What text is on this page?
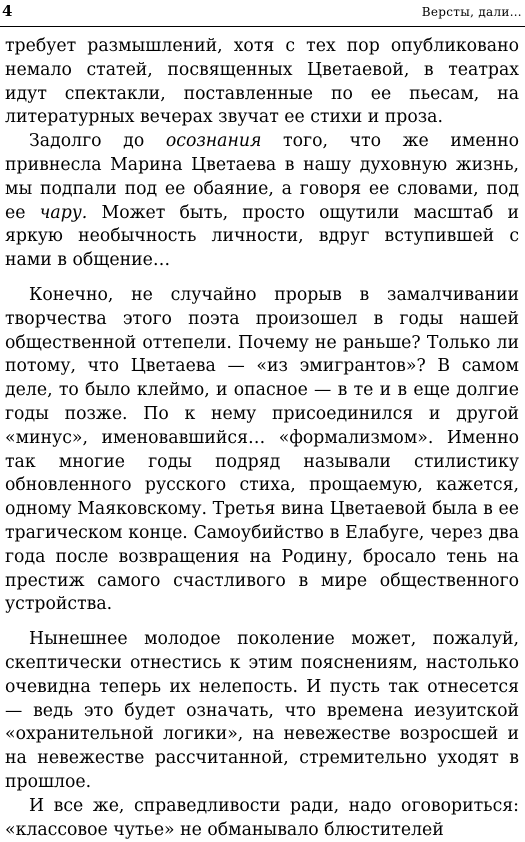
4	Версты, дали…

требует размышлений, хотя с тех пор опубликовано немало статей, посвященных Цветаевой, в театрах идут спектакли, поставленные по ее пьесам, на литературных вечерах звучат ее стихи и проза.

Задолго до осознания того, что же именно привнесла Марина Цветаева в нашу духовную жизнь, мы подпали под ее обаяние, а говоря ее словами, под ее чару. Может быть, просто ощутили масштаб и яркую необычность личности, вдруг вступившей с нами в общение…

Конечно, не случайно прорыв в замалчивании творчества этого поэта произошел в годы нашей общественной оттепели. Почему не раньше? Только ли потому, что Цветаева — «из эмигрантов»? В самом деле, то было клеймо, и опасное — в те и в еще долгие годы позже. По к нему присоединился и другой «минус», именовавшийся… «формализмом». Именно так многие годы подряд называли стилистику обновленного русского стиха, прощаемую, кажется, одному Маяковскому. Третья вина Цветаевой была в ее трагическом конце. Самоубийство в Елабуге, через два года после возвращения на Родину, бросало тень на престиж самого счастливого в мире общественного устройства.

Нынешнее молодое поколение может, пожалуй, скептически отнестись к этим пояснениям, настолько очевидна теперь их нелепость. И пусть так отнесется — ведь это будет означать, что времена иезуитской «охранительной логики», на невежестве возросшей и на невежестве рассчитанной, стремительно уходят в прошлое.

И все же, справедливости ради, надо оговориться: «классовое чутье» не обманывало блюстителей
